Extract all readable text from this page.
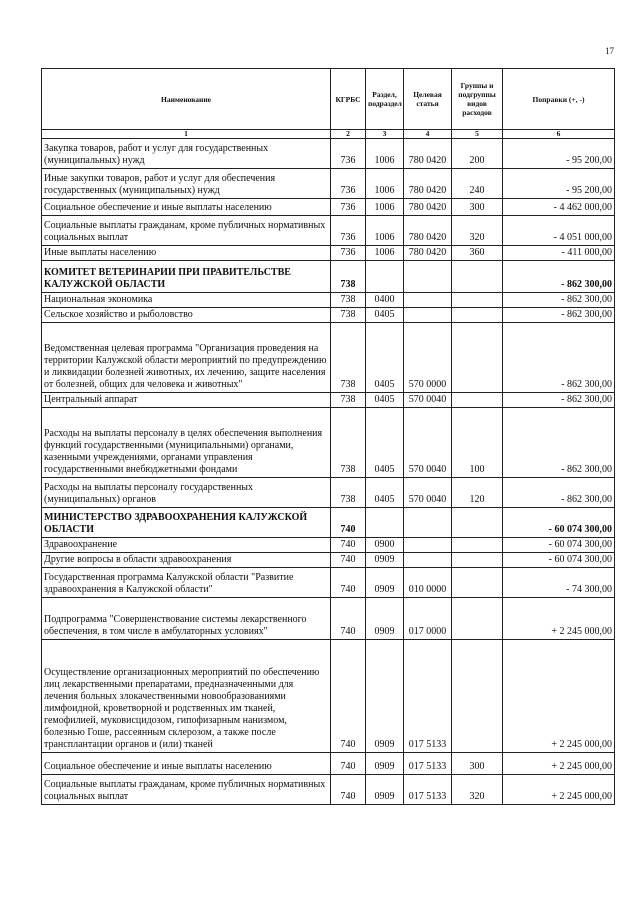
17
Наименование	КГРБС	Раздел, подраздел	Целевая статья	Группы и подгруппы видов расходов	Поправки (+, -)
1	2	3	4	5	6
Закупка товаров, работ и услуг для государственных (муниципальных) нужд	736	1006	780 0420	200	- 95 200,00
Иные закупки товаров, работ и услуг для обеспечения государственных (муниципальных) нужд	736	1006	780 0420	240	- 95 200,00
Социальное обеспечение и иные выплаты населению	736	1006	780 0420	300	- 4 462 000,00
Социальные выплаты гражданам, кроме публичных нормативных социальных выплат	736	1006	780 0420	320	- 4 051 000,00
Иные выплаты населению	736	1006	780 0420	360	- 411 000,00
КОМИТЕТ ВЕТЕРИНАРИИ ПРИ ПРАВИТЕЛЬСТВЕ КАЛУЖСКОЙ ОБЛАСТИ	738				- 862 300,00
Национальная экономика	738	0400			- 862 300,00
Сельское хозяйство и рыболовство	738	0405			- 862 300,00
Ведомственная целевая программа "Организация проведения на территории Калужской области мероприятий по предупреждению и ликвидации болезней животных, их лечению, защите населения от болезней, общих для человека и животных"	738	0405	570 0000		- 862 300,00
Центральный аппарат	738	0405	570 0040		- 862 300,00
Расходы на выплаты персоналу в целях обеспечения выполнения функций государственными (муниципальными) органами, казенными учреждениями, органами управления государственными внебюджетными фондами	738	0405	570 0040	100	- 862 300,00
Расходы на выплаты персоналу государственных (муниципальных) органов	738	0405	570 0040	120	- 862 300,00
МИНИСТЕРСТВО ЗДРАВООХРАНЕНИЯ КАЛУЖСКОЙ ОБЛАСТИ	740				- 60 074 300,00
Здравоохранение	740	0900			- 60 074 300,00
Другие вопросы в области здравоохранения	740	0909			- 60 074 300,00
Государственная программа Калужской области "Развитие здравоохранения в Калужской области"	740	0909	010 0000		- 74 300,00
Подпрограмма "Совершенствование системы лекарственного обеспечения, в том числе в амбулаторных условиях"	740	0909	017 0000		+ 2 245 000,00
Осуществление организационных мероприятий по обеспечению лиц лекарственными препаратами, предназначенными для лечения больных злокачественными новообразованиями лимфоидной, кроветворной и родственных им тканей, гемофилией, муковисцидозом, гипофизарным нанизмом, болезнью Гоше, рассеянным склерозом, а также после трансплантации органов и (или) тканей	740	0909	017 5133		+ 2 245 000,00
Социальное обеспечение и иные выплаты населению	740	0909	017 5133	300	+ 2 245 000,00
Социальные выплаты гражданам, кроме публичных нормативных социальных выплат	740	0909	017 5133	320	+ 2 245 000,00
